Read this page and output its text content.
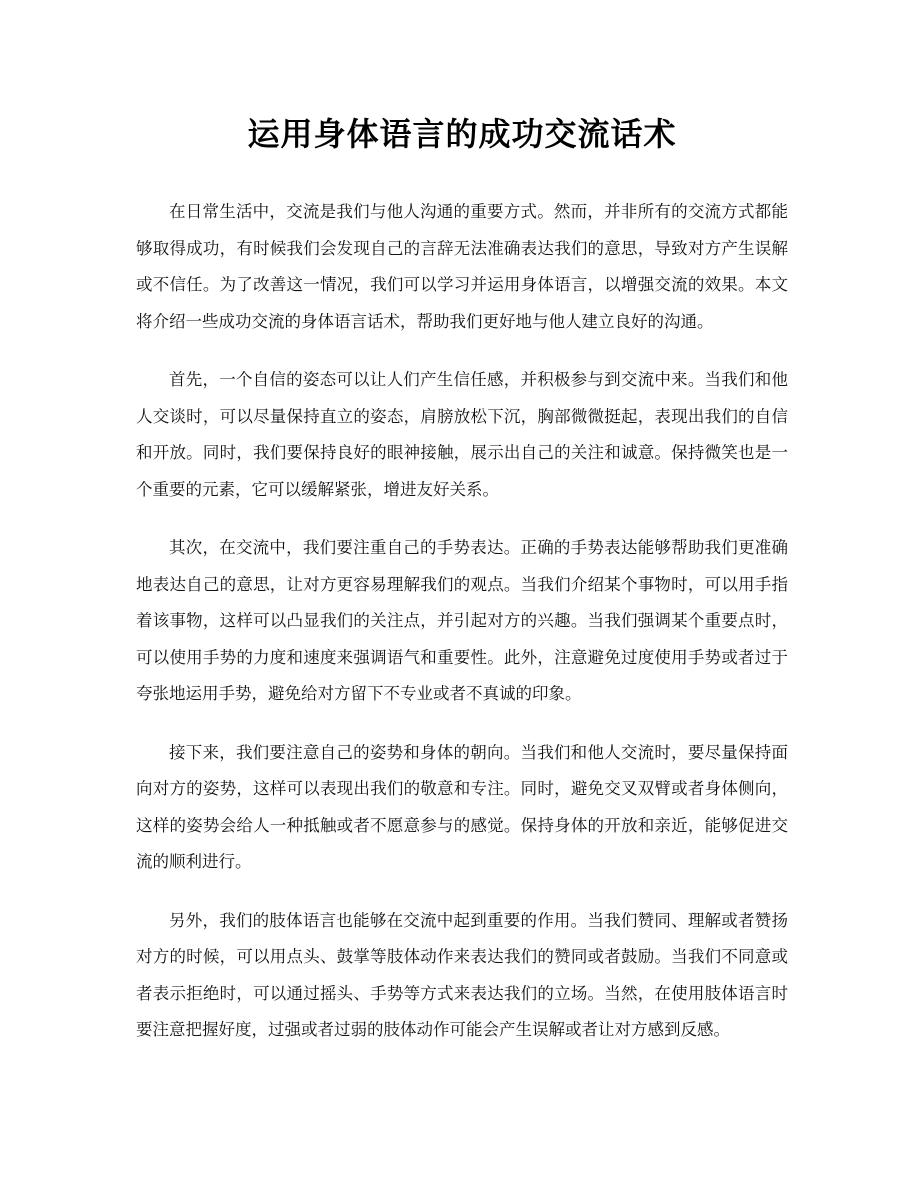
运用身体语言的成功交流话术

在日常生活中，交流是我们与他人沟通的重要方式。然而，并非所有的交流方式都能够取得成功，有时候我们会发现自己的言辞无法准确表达我们的意思，导致对方产生误解或不信任。为了改善这一情况，我们可以学习并运用身体语言，以增强交流的效果。本文将介绍一些成功交流的身体语言话术，帮助我们更好地与他人建立良好的沟通。

首先，一个自信的姿态可以让人们产生信任感，并积极参与到交流中来。当我们和他人交谈时，可以尽量保持直立的姿态，肩膀放松下沉，胸部微微挺起，表现出我们的自信和开放。同时，我们要保持良好的眼神接触，展示出自己的关注和诚意。保持微笑也是一个重要的元素，它可以缓解紧张，增进友好关系。

其次，在交流中，我们要注重自己的手势表达。正确的手势表达能够帮助我们更准确地表达自己的意思，让对方更容易理解我们的观点。当我们介绍某个事物时，可以用手指着该事物，这样可以凸显我们的关注点，并引起对方的兴趣。当我们强调某个重要点时，可以使用手势的力度和速度来强调语气和重要性。此外，注意避免过度使用手势或者过于夸张地运用手势，避免给对方留下不专业或者不真诚的印象。

接下来，我们要注意自己的姿势和身体的朝向。当我们和他人交流时，要尽量保持面向对方的姿势，这样可以表现出我们的敬意和专注。同时，避免交叉双臂或者身体侧向，这样的姿势会给人一种抵触或者不愿意参与的感觉。保持身体的开放和亲近，能够促进交流的顺利进行。

另外，我们的肢体语言也能够在交流中起到重要的作用。当我们赞同、理解或者赞扬对方的时候，可以用点头、鼓掌等肢体动作来表达我们的赞同或者鼓励。当我们不同意或者表示拒绝时，可以通过摇头、手势等方式来表达我们的立场。当然，在使用肢体语言时要注意把握好度，过强或者过弱的肢体动作可能会产生误解或者让对方感到反感。
